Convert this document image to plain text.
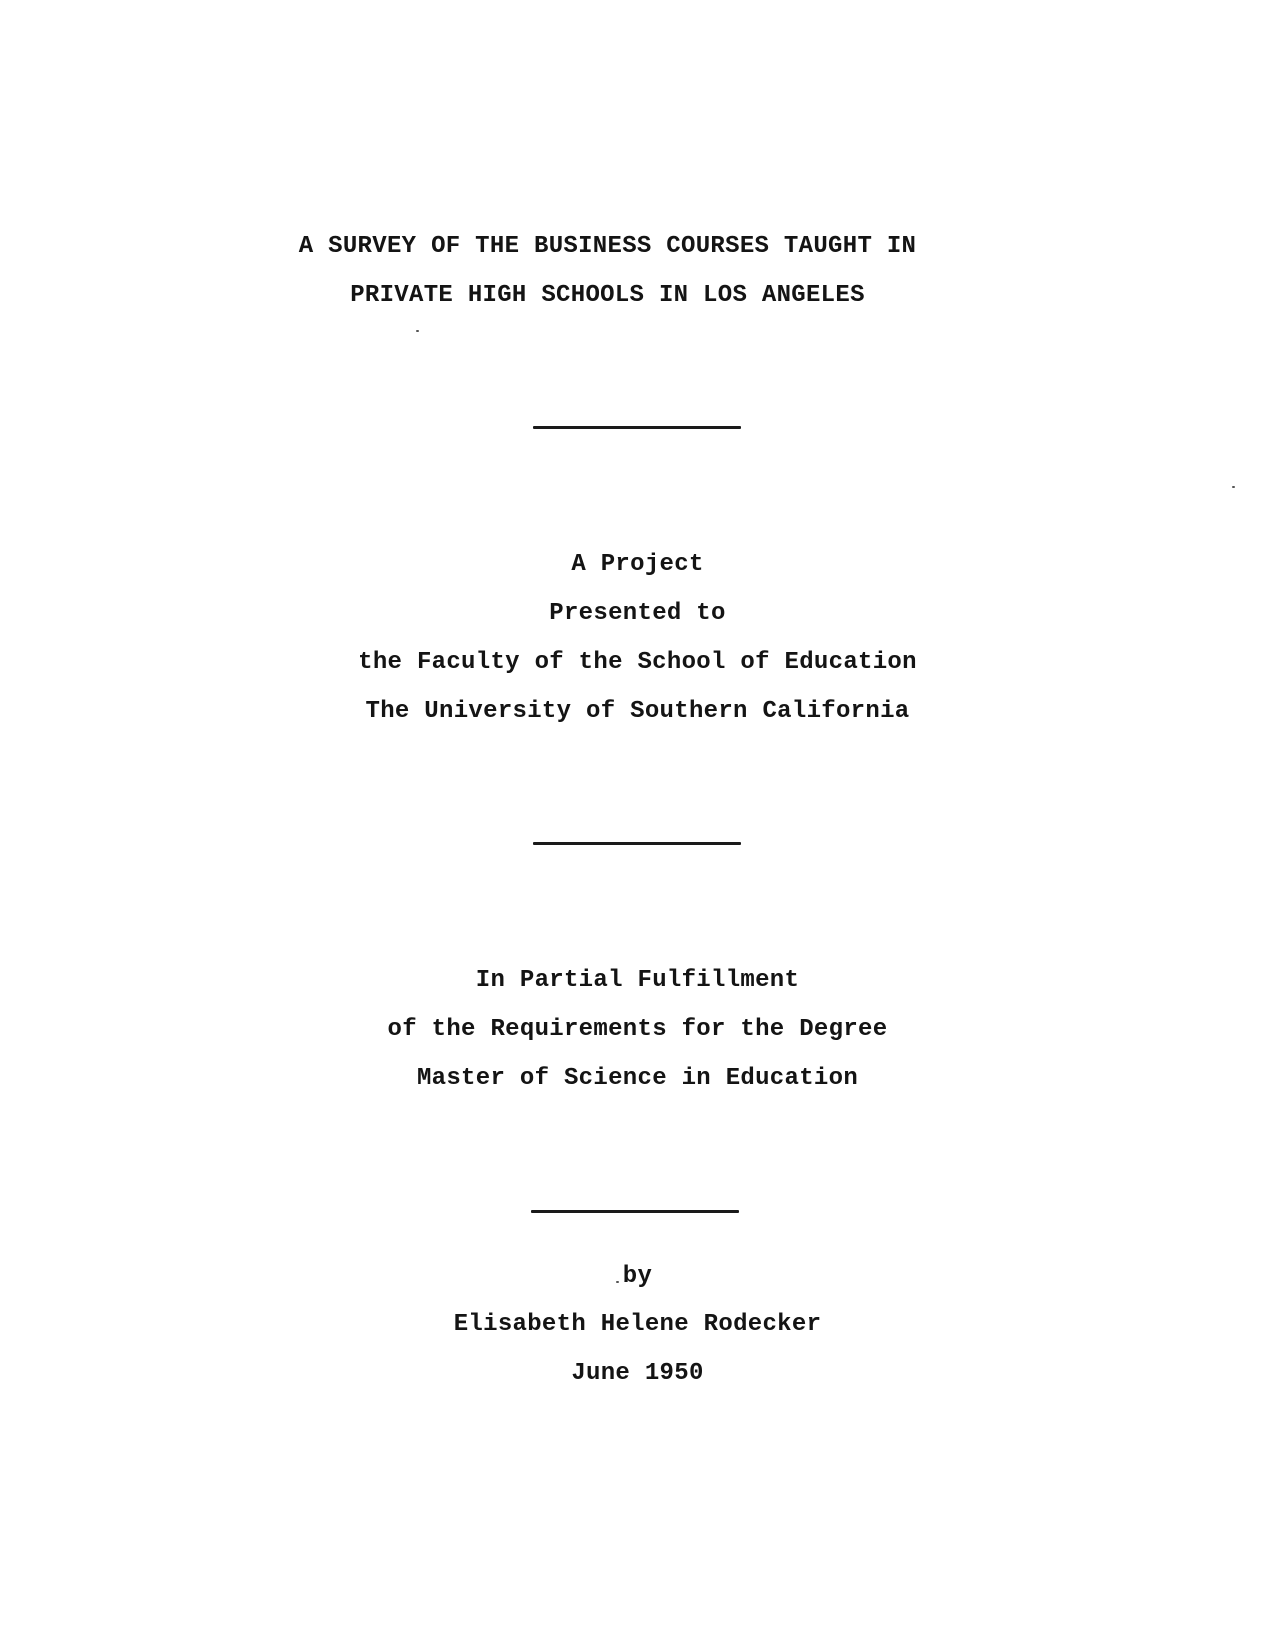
A SURVEY OF THE BUSINESS COURSES TAUGHT IN
PRIVATE HIGH SCHOOLS IN LOS ANGELES
A Project
Presented to
the Faculty of the School of Education
The University of Southern California
In Partial Fulfillment
of the Requirements for the Degree
Master of Science in Education
by
Elisabeth Helene Rodecker
June 1950
